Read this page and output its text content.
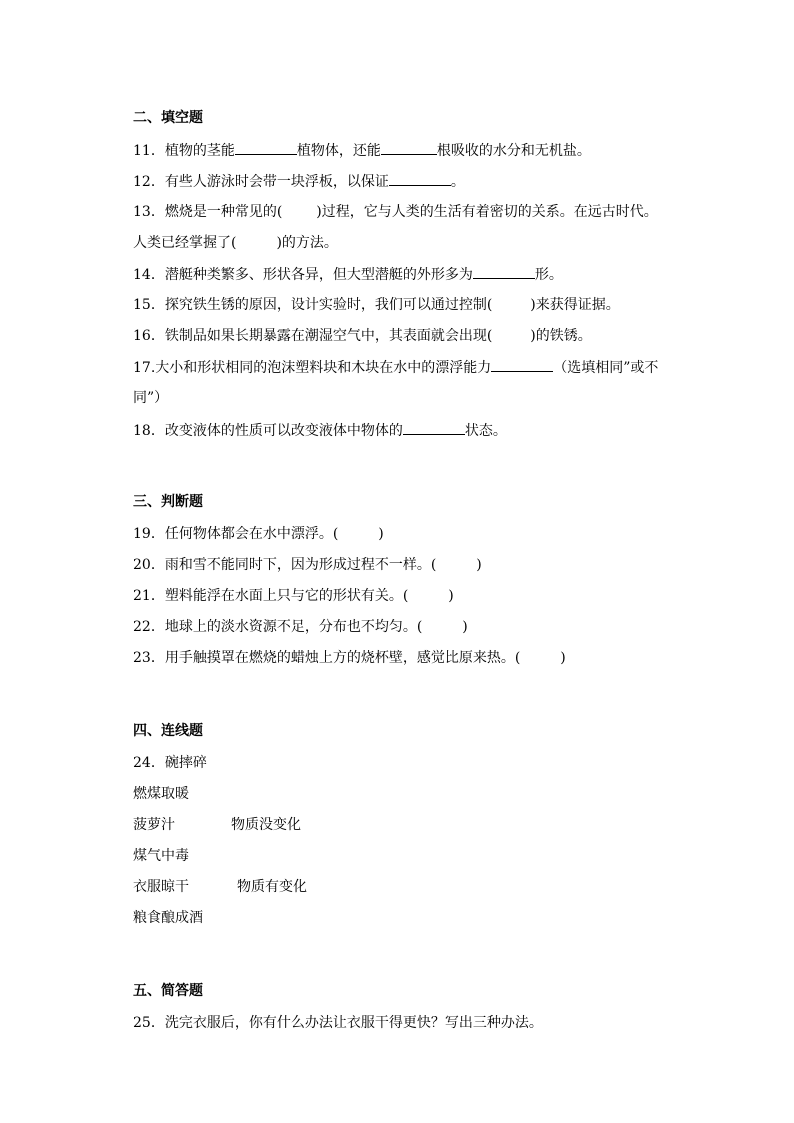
二、填空题
11．植物的茎能	植物体，还能	根吸收的水分和无机盐。
12．有些人游泳时会带一块浮板，以保证	。
13．燃烧是一种常见的( )过程，它与人类的生活有着密切的关系。在远古时代。
人类已经掌握了(	)的方法。
14．潜艇种类繁多、形状各异，但大型潜艇的外形多为	形。
15．探究铁生锈的原因，设计实验时，我们可以通过控制(	)来获得证据。
16．铁制品如果长期暴露在潮湿空气中，其表面就会出现(	)的铁锈。
17.大小和形状相同的泡沫塑料块和木块在水中的漂浮能力	（选填相同”或不
同”）
18．改变液体的性质可以改变液体中物体的	状态。
三、判断题
19．任何物体都会在水中漂浮。(	)
20．雨和雪不能同时下，因为形成过程不一样。(	)
21．塑料能浮在水面上只与它的形状有关。(	)
22．地球上的淡水资源不足，分布也不均匀。(	)
23．用手触摸罩在燃烧的蜡烛上方的烧杯壁，感觉比原来热。(	)
四、连线题
24．碗摔碎
燃煤取暖
菠萝汁	物质没变化
煤气中毒
衣服晾干	物质有变化
粮食酿成酒
五、简答题
25．洗完衣服后，你有什么办法让衣服干得更快？写出三种办法。
